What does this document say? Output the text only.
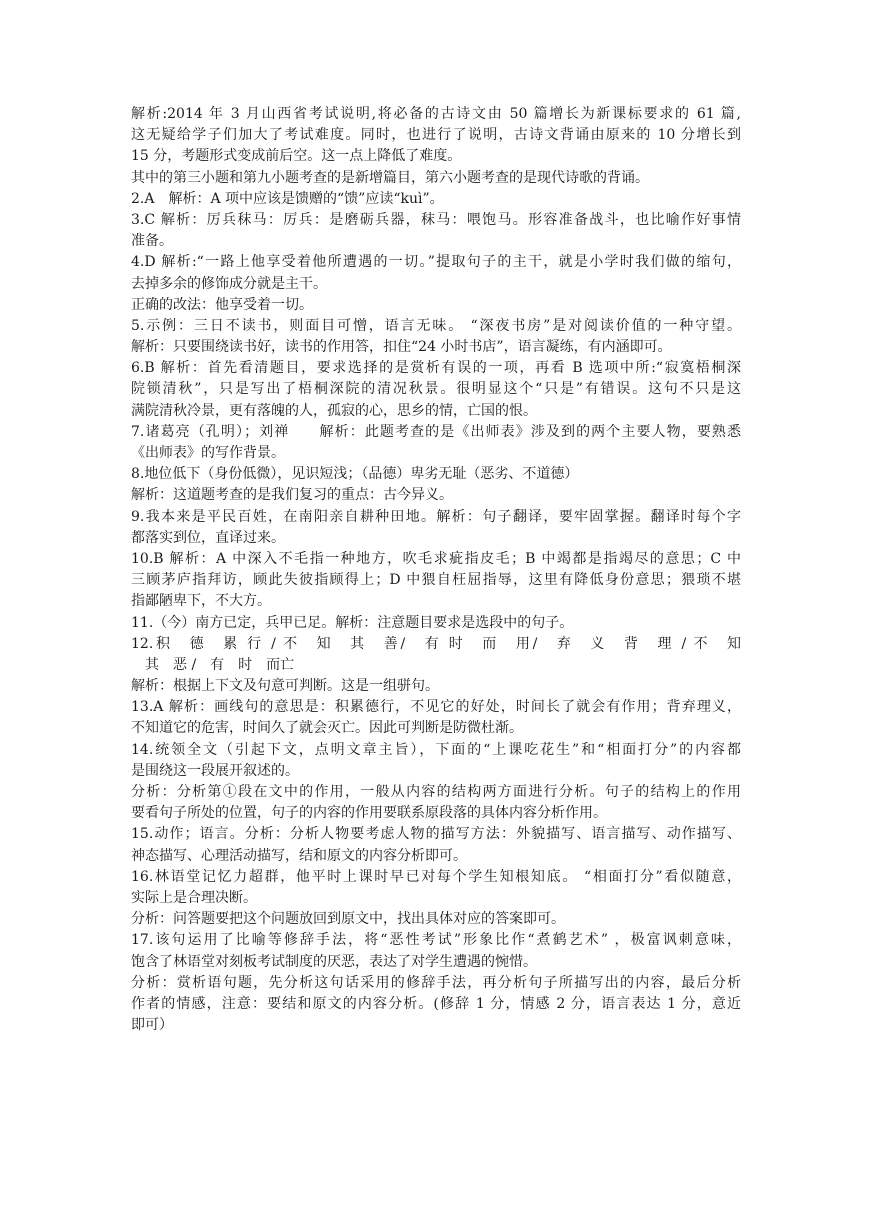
解析:2014 年 3 月山西省考试说明,将必备的古诗文由 50 篇增长为新课标要求的 61 篇,
这无疑给学子们加大了考试难度。同时，也进行了说明，古诗文背诵由原来的 10 分增长到
15 分，考题形式变成前后空。这一点上降低了难度。
其中的第三小题和第九小题考查的是新增篇目，第六小题考查的是现代诗歌的背诵。
2.A　解析：A 项中应该是馈赠的“馈”应读“kuì”。
3.C 解析：厉兵秣马：厉兵：是磨砺兵器，秣马：喂饱马。形容准备战斗，也比喻作好事情
准备。
4.D 解析:“一路上他享受着他所遭遇的一切。”提取句子的主干，就是小学时我们做的缩句，
去掉多余的修饰成分就是主干。
正确的改法：他享受着一切。
5.示例：三日不读书，则面目可憎，语言无味。 “深夜书房”是对阅读价值的一种守望。
解析：只要围绕读书好，读书的作用答，扣住“24 小时书店”，语言凝练，有内涵即可。
6.B 解析：首先看清题目，要求选择的是赏析有误的一项，再看 B 选项中所:“寂寞梧桐深
院锁清秋”，只是写出了梧桐深院的清况秋景。很明显这个“只是”有错误。这句不只是这
满院清秋冷景，更有落魄的人，孤寂的心，思乡的情，亡国的恨。
7.诸葛亮（孔明）；刘禅　　解析：此题考查的是《出师表》涉及到的两个主要人物，要熟悉
《出师表》的写作背景。
8.地位低下（身份低微），见识短浅；（品德）卑劣无耻（恶劣、不道德）
解析：这道题考查的是我们复习的重点：古今异义。
9.我本来是平民百姓，在南阳亲自耕种田地。解析：句子翻译，要牢固掌握。翻译时每个字
都落实到位，直译过来。
10.B 解析：A 中深入不毛指一种地方，吹毛求疵指皮毛；B 中竭都是指竭尽的意思；C 中
三顾茅庐指拜访，顾此失彼指顾得上；D 中猥自枉屈指辱，这里有降低身份意思；猥琐不堪
指鄙陋卑下，不大方。
11.（今）南方已定，兵甲已足。解析：注意题目要求是选段中的句子。
12.积　德　累 行 / 不　知　其　善/　有 时　而　用/　弃　义　背　理 / 不　知
　其　恶 /　有　时　而亡
解析：根据上下文及句意可判断。这是一组骈句。
13.A 解析：画线句的意思是：积累德行，不见它的好处，时间长了就会有作用；背弃理义，
不知道它的危害，时间久了就会灭亡。因此可判断是防微杜渐。
14.统领全文（引起下文，点明文章主旨），下面的“上课吃花生”和“相面打分”的内容都
是围绕这一段展开叙述的。
分析：分析第①段在文中的作用，一般从内容的结构两方面进行分析。句子的结构上的作用
要看句子所处的位置，句子的内容的作用要联系原段落的具体内容分析作用。
15.动作；语言。分析：分析人物要考虑人物的描写方法：外貌描写、语言描写、动作描写、
神态描写、心理活动描写，结和原文的内容分析即可。
16.林语堂记忆力超群，他平时上课时早已对每个学生知根知底。 “相面打分”看似随意，
实际上是合理决断。
分析：问答题要把这个问题放回到原文中，找出具体对应的答案即可。
17.该句运用了比喻等修辞手法，将“恶性考试”形象比作“煮鹤艺术” ，极富讽刺意味，
饱含了林语堂对刻板考试制度的厌恶，表达了对学生遭遇的惋惜。
分析：赏析语句题，先分析这句话采用的修辞手法，再分析句子所描写出的内容，最后分析
作者的情感，注意：要结和原文的内容分析。(修辞 1 分，情感 2 分，语言表达 1 分，意近
即可）
